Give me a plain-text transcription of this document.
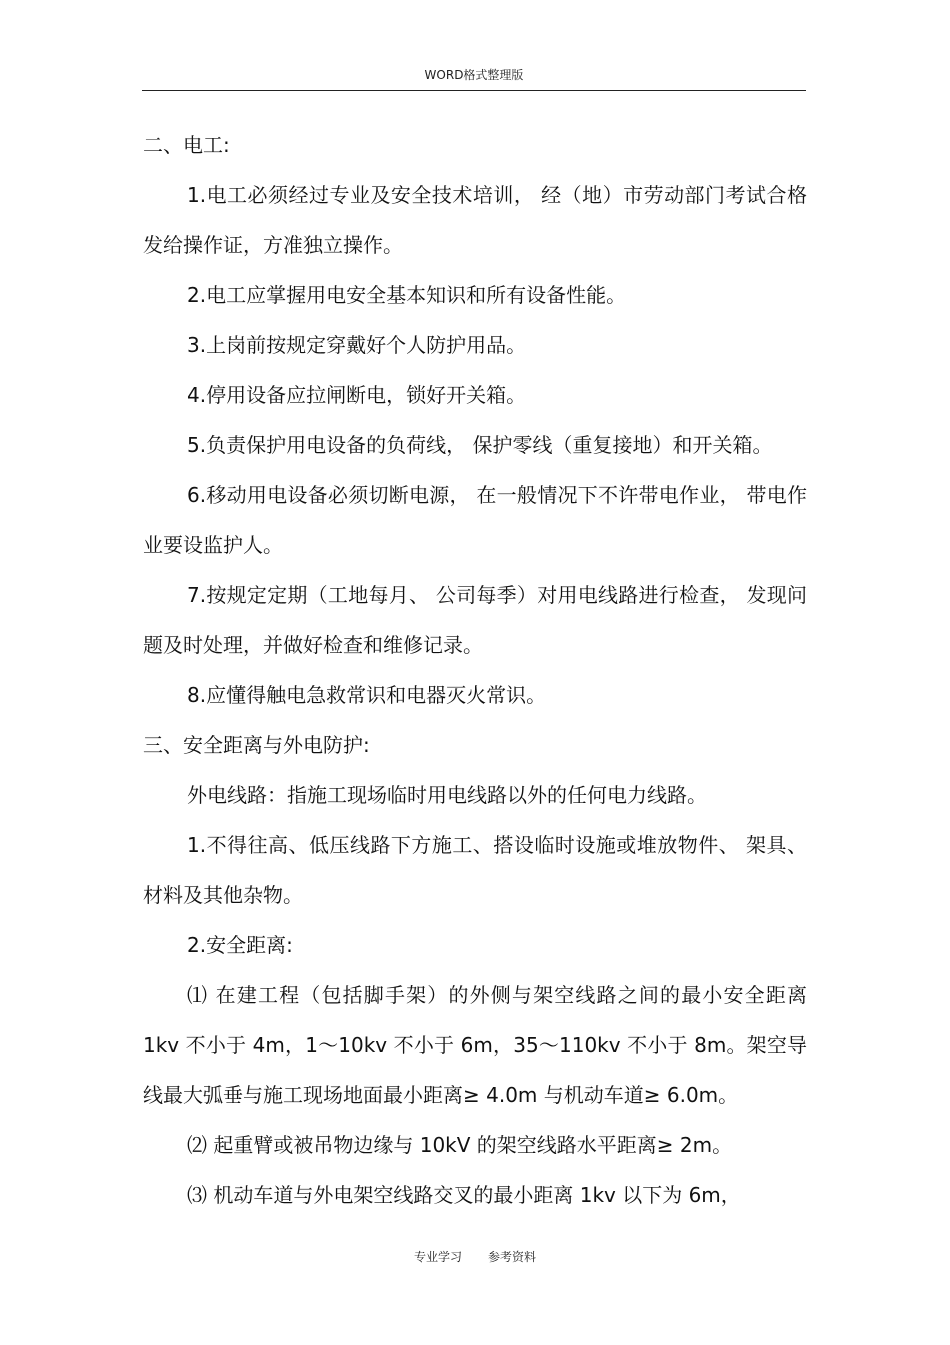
WORD格式整理版

二、电工:

1.电工必须经过专业及安全技术培训， 经（地）市劳动部门考试合格发给操作证，方准独立操作。

2.电工应掌握用电安全基本知识和所有设备性能。

3.上岗前按规定穿戴好个人防护用品。

4.停用设备应拉闸断电，锁好开关箱。

5.负责保护用电设备的负荷线， 保护零线（重复接地）和开关箱。

6.移动用电设备必须切断电源， 在一般情况下不许带电作业， 带电作业要设监护人。

7.按规定定期（工地每月、 公司每季）对用电线路进行检查， 发现问题及时处理，并做好检查和维修记录。

8.应懂得触电急救常识和电器灭火常识。

三、安全距离与外电防护:

外电线路：指施工现场临时用电线路以外的任何电力线路。

1.不得往高、低压线路下方施工、搭设临时设施或堆放物件、 架具、材料及其他杂物。

2.安全距离:

⑴ 在建工程（包括脚手架）的外侧与架空线路之间的最小安全距离 1kv 不小于 4m，1～10kv 不小于 6m，35～110kv 不小于 8m。架空导线最大弧垂与施工现场地面最小距离≥ 4.0m 与机动车道≥ 6.0m。

⑵ 起重臂或被吊物边缘与 10kV 的架空线路水平距离≥ 2m。

⑶ 机动车道与外电架空线路交叉的最小距离 1kv 以下为 6m，

专业学习 参考资料
